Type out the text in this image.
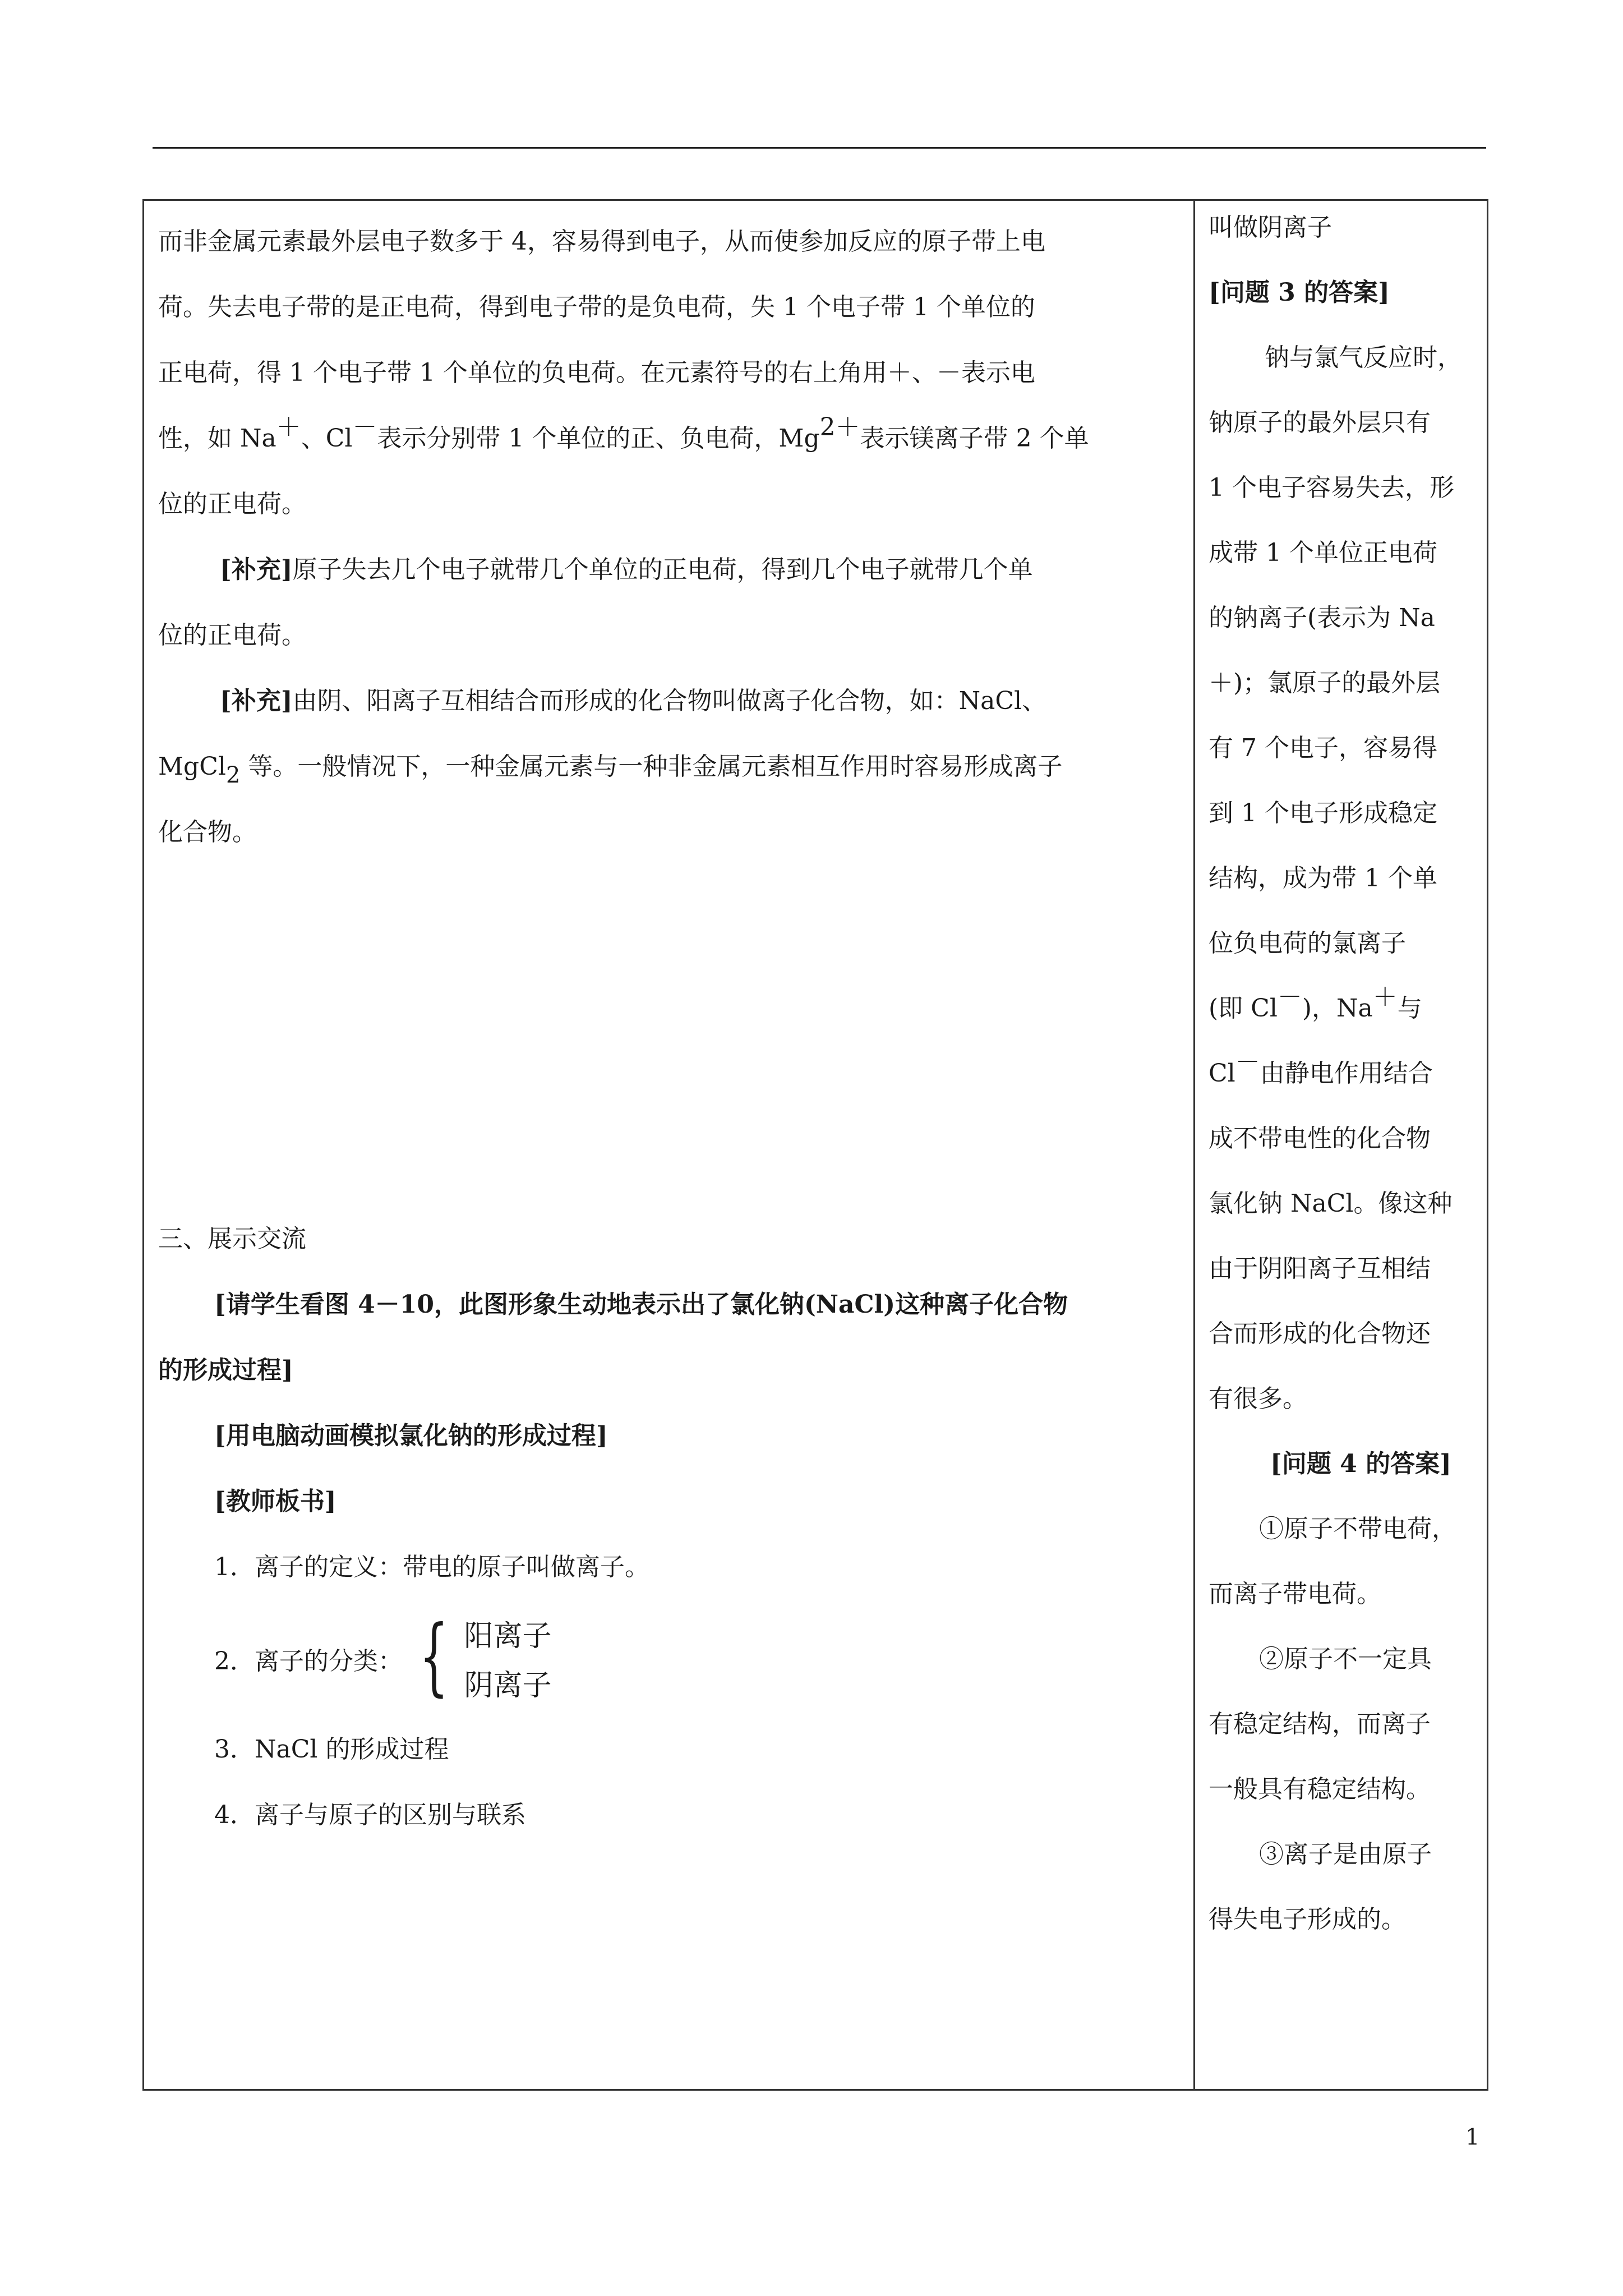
而非金属元素最外层电子数多于 4，容易得到电子，从而使参加反应的原子带上电

荷。失去电子带的是正电荷，得到电子带的是负电荷，失 1 个电子带 1 个单位的

正电荷，得 1 个电子带 1 个单位的负电荷。在元素符号的右上角用＋、－表示电

性，如 Na＋、Cl－表示分别带 1 个单位的正、负电荷，$Mg^{2+}$表示镁离子带 2 个单

位的正电荷。

[补充]原子失去几个电子就带几个单位的正电荷，得到几个电子就带几个单

位的正电荷。

[补充]由阴、阳离子互相结合而形成的化合物叫做离子化合物，如：NaCl、

MgCl$_2$ 等。一般情况下，一种金属元素与一种非金属元素相互作用时容易形成离子

化合物。

三、展示交流

[请学生看图 4－10，此图形象生动地表示出了氯化钠(NaCl)这种离子化合物

的形成过程]

[用电脑动画模拟氯化钠的形成过程]

[教师板书]

1．离子的定义：带电的原子叫做离子。

2．离子的分类： { 阳离子
阴离子

3．NaCl 的形成过程

4．离子与原子的区别与联系

叫做阴离子

[问题 3 的答案]

钠与氯气反应时，

钠原子的最外层只有

1 个电子容易失去，形

成带 1 个单位正电荷

的钠离子(表示为 Na

＋)；氯原子的最外层

有 7 个电子，容易得

到 1 个电子形成稳定

结构，成为带 1 个单

位负电荷的氯离子

(即 Cl－)，Na＋与

Cl－由静电作用结合

成不带电性的化合物

氯化钠 NaCl。像这种

由于阴阳离子互相结

合而形成的化合物还

有很多。

[问题 4 的答案]

①原子不带电荷，

而离子带电荷。

②原子不一定具

有稳定结构，而离子

一般具有稳定结构。

③离子是由原子

得失电子形成的。

1
